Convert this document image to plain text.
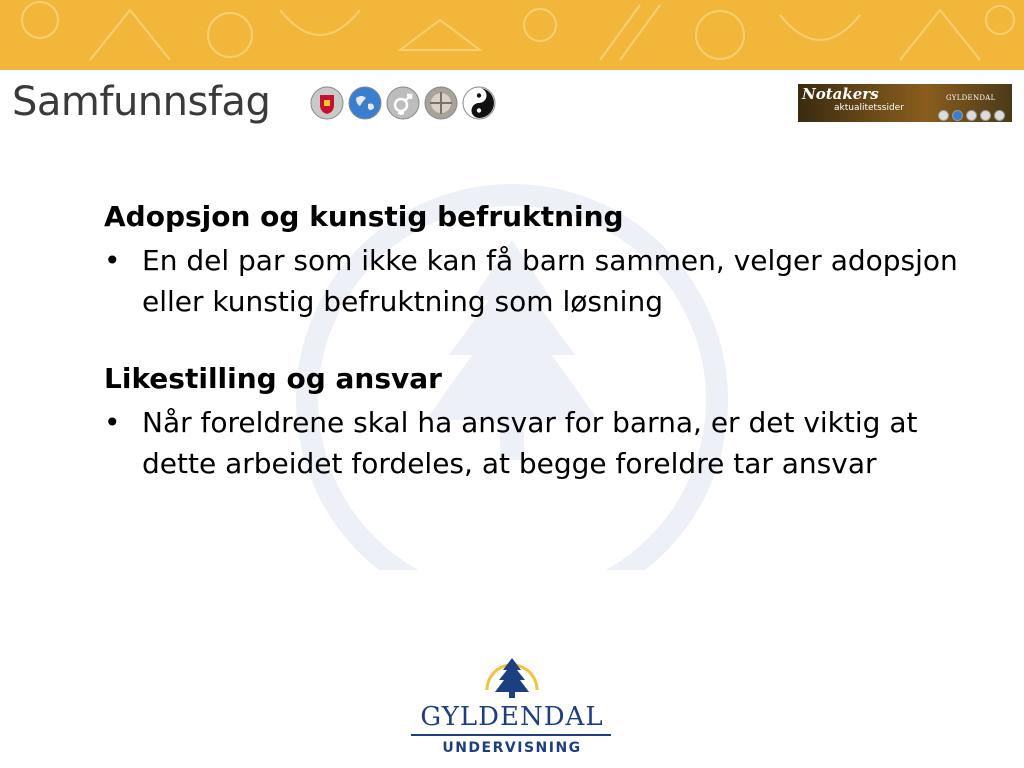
Samfunnsfag	Notakers
aktualitetssider
GYLDENDAL

Adopsjon og kunstig befruktning

• En del par som ikke kan få barn sammen, velger adopsjon eller kunstig befruktning som løsning

Likestilling og ansvar

• Når foreldrene skal ha ansvar for barna, er det viktig at dette arbeidet fordeles, at begge foreldre tar ansvar
GYLDENDAL
UNDERVISNING
